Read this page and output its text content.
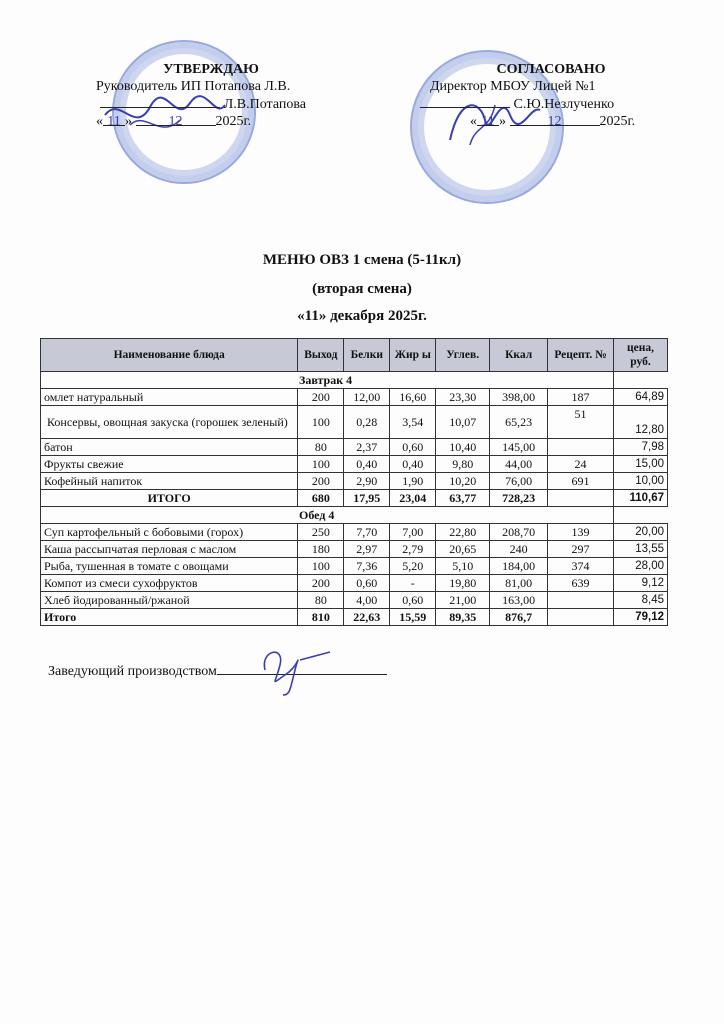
УТВЕРЖДАЮ
Руководитель ИП Потапова Л.В.
Л.В.Потапова
« 11 »	12 2025г.
СОГЛАСОВАНО
Директор МБОУ Лицей №1
С.Ю.Незлученко
« 11 »	12	2025г.
МЕНЮ ОВЗ 1 смена (5-11кл)
(вторая смена)
«11» декабря 2025г.
Наименование блюда	Выход	Белки	Жир ы	Углев.	Ккал	Рецепт. №	цена, руб.
Завтрак 4							
омлет натуральный	200	12,00	16,60	23,30	398,00	187	64,89
Консервы, овощная закуска (горошек зеленый)	100	0,28	3,54	10,07	65,23	51	12,80
батон	80	2,37	0,60	10,40	145,00		7,98
Фрукты свежие	100	0,40	0,40	9,80	44,00	24	15,00
Кофейный напиток	200	2,90	1,90	10,20	76,00	691	10,00
ИТОГО	680	17,95	23,04	63,77	728,23		110,67
Обед 4							
Суп картофельный с бобовыми (горох)	250	7,70	7,00	22,80	208,70	139	20,00
Каша рассыпчатая перловая с маслом	180	2,97	2,79	20,65	240	297	13,55
Рыба, тушенная в томате с овощами	100	7,36	5,20	5,10	184,00	374	28,00
Компот из смеси сухофруктов	200	0,60	-	19,80	81,00	639	9,12
Хлеб йодированный/ржаной	80	4,00	0,60	21,00	163,00		8,45
Итого	810	22,63	15,59	89,35	876,7		79,12
Заведующий производством
